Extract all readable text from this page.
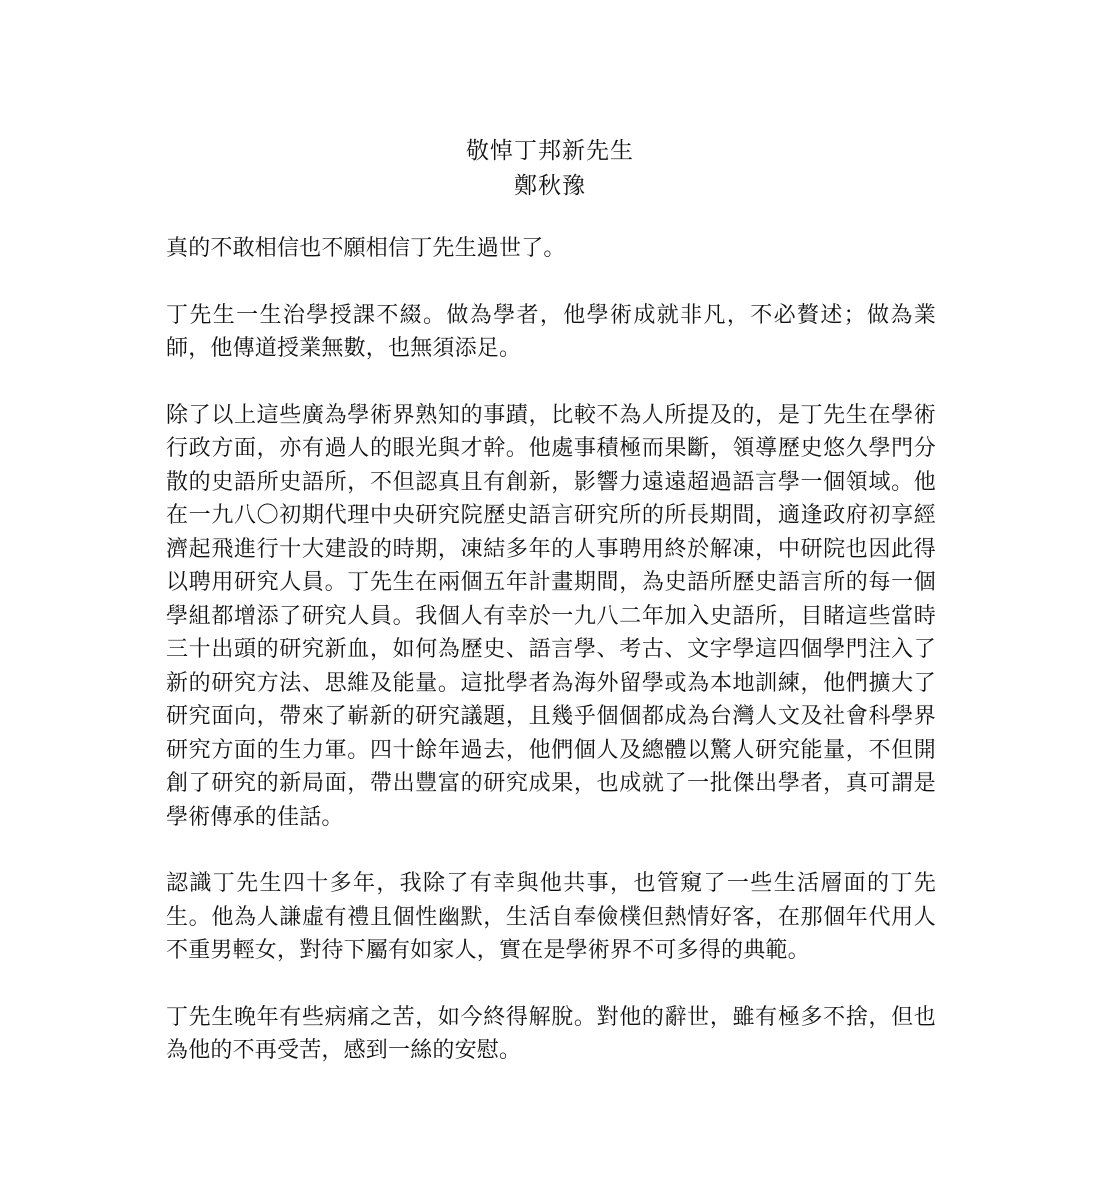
敬悼丁邦新先生
鄭秋豫

真的不敢相信也不願相信丁先生過世了。

丁先生一生治學授課不綴。做為學者，他學術成就非凡，不必贅述；做為業師，他傳道授業無數，也無須添足。

除了以上這些廣為學術界熟知的事蹟，比較不為人所提及的，是丁先生在學術行政方面，亦有過人的眼光與才幹。他處事積極而果斷，領導歷史悠久學門分散的史語所史語所，不但認真且有創新，影響力遠遠超過語言學一個領域。他在一九八〇初期代理中央研究院歷史語言研究所的所長期間，適逢政府初享經濟起飛進行十大建設的時期，凍結多年的人事聘用終於解凍，中研院也因此得以聘用研究人員。丁先生在兩個五年計畫期間，為史語所歷史語言所的每一個學組都增添了研究人員。我個人有幸於一九八二年加入史語所，目睹這些當時三十出頭的研究新血，如何為歷史、語言學、考古、文字學這四個學門注入了新的研究方法、思維及能量。這批學者為海外留學或為本地訓練，他們擴大了研究面向，帶來了嶄新的研究議題，且幾乎個個都成為台灣人文及社會科學界研究方面的生力軍。四十餘年過去，他們個人及總體以驚人研究能量，不但開創了研究的新局面，帶出豐富的研究成果，也成就了一批傑出學者，真可謂是學術傳承的佳話。

認識丁先生四十多年，我除了有幸與他共事，也管窺了一些生活層面的丁先生。他為人謙虛有禮且個性幽默，生活自奉儉樸但熱情好客，在那個年代用人不重男輕女，對待下屬有如家人，實在是學術界不可多得的典範。

丁先生晚年有些病痛之苦，如今終得解脫。對他的辭世，雖有極多不捨，但也為他的不再受苦，感到一絲的安慰。
